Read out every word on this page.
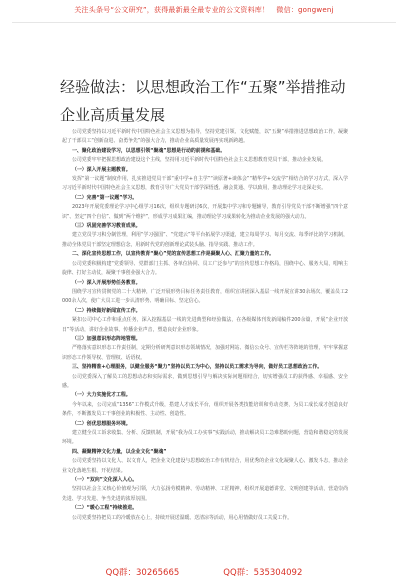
关注头条号“公文研究”，获得最新最全最专业的公文资料库！　微信：gongwenj
经验做法：以思想政治工作“五聚”举措推动企业高质量发展

公司党委坚持以习近平新时代中国特色社会主义思想为指导，坚持党建引领、文化赋能，以“五聚”举措推进思想政治工作，凝聚起了干部员工“创新奋进、奋勇争先”的强大合力，推动企业高质量发展再实现新跨越。

一、聚化政治建设学习，以思想引领“聚魂”思想是行动的前提和基础。

公司党委牢牢把握思想政治建设这个主线，坚持用习近平新时代中国特色社会主义思想教育党员干部，推动企业发展。

（一）深入开展主题教育。

发挥“第一议题”制度作用，扎实推进党员干部“重中学+自主学”“读原著+谈体会”“精华学+交流学”相结合的学习方式，深入学习习近平新时代中国特色社会主义思想，教育引导广大党员干部学深悟透、融会贯通、学以致用，推动理论学习走深走实。

（二）完善“第一议题”学习。

2023年开展党委理论学习中心组学习16次，组织专题研讨6次，开展集中学习和专题辅导，教育引导党员干部不断增强“四个意识”、坚定“四个自信”、做到“两个维护”，形成学习成果汇编，推动理论学习成果转化为推动企业发展的强大动力。

（三）巩固完善学习教育成果。

建立党员学习积分制管理，利用“学习强国”、“党建云”等平台拓展学习渠道，建立每周学习、每月交流、每季评比的学习机制，推动全体党员干部坚定理想信念，用新时代党的创新理论武装头脑、指导实践、推动工作。

二、深化宣传思想工作，以宣传教育“聚心”党的宣传思想工作是凝聚人心、汇聚力量的工作。

公司党委积极构建“党委领导、党群部门主抓、各单位协同、员工广泛参与”的宣传思想工作格局，围绕中心、服务大局，唱响主旋律、打好主动仗，凝聚干事创业强大合力。

（一）深入开展形势任务教育。

围绕学习宣传贯彻党的二十大精神，广泛开展形势目标任务责任教育，组织宣讲团深入基层一线开展宣讲30余场次，覆盖员工2000余人次，使广大员工进一步认清形势、明确目标、坚定信心。

（二）持续做好新闻宣传工作。

紧扣公司中心工作和重点任务，深入挖掘基层一线的先进典型和经验做法，在各级媒体刊发新闻稿件200余篇，开展“企业开放日”等活动，讲好企业故事、传播企业声音，塑造良好企业形象。

（三）加强意识形态阵地管理。

严格落实意识形态工作责任制，定期分析研判意识形态领域情况，加强对网站、微信公众号、宣传栏等阵地的管理，牢牢掌握意识形态工作领导权、管理权、话语权。

三、坚持精准+心理服务，以健全服务“聚力”坚持以员工为中心，坚持以员工需求为导向，做好员工思想政治工作。

公司党委深入了解员工的思想动态和实际需求，做到思想引导与解决实际问题相结合，切实增强员工的获得感、幸福感、安全感。

（一）大力实施优才工程。

今年以来，公司完成“1356”工作模式升级，搭建人才成长平台，组织开展各类技能培训和劳动竞赛，为员工成长成才创造良好条件，不断激发员工干事创业的积极性、主动性、创造性。

（二）创优思想服务环境。

建立健全员工诉求收集、分析、反馈机制，开展“我为员工办实事”实践活动，推动解决员工急难愁盼问题，营造和谐稳定的发展环境。

四、凝聚精神文化力量，以企业文化“聚魂”

公司党委坚持以文化人、以文育人，把企业文化建设与思想政治工作有机结合，用优秀的企业文化凝聚人心、激发斗志，推动企业文化落地生根、开花结果。

（一）“双向”文化深入人心。

坚持以社会主义核心价值观为引领，大力弘扬劳模精神、劳动精神、工匠精神，组织开展道德讲堂、文明创建等活动，营造崇尚先进、学习先进、争当先进的浓厚氛围。

（二）“暖心工程”持续推进。

公司党委坚持把员工的冷暖放在心上，持续开展送温暖、送清凉等活动，用心用情做好员工关爱工作。

QQ群：30265665	QQ群：535304092
